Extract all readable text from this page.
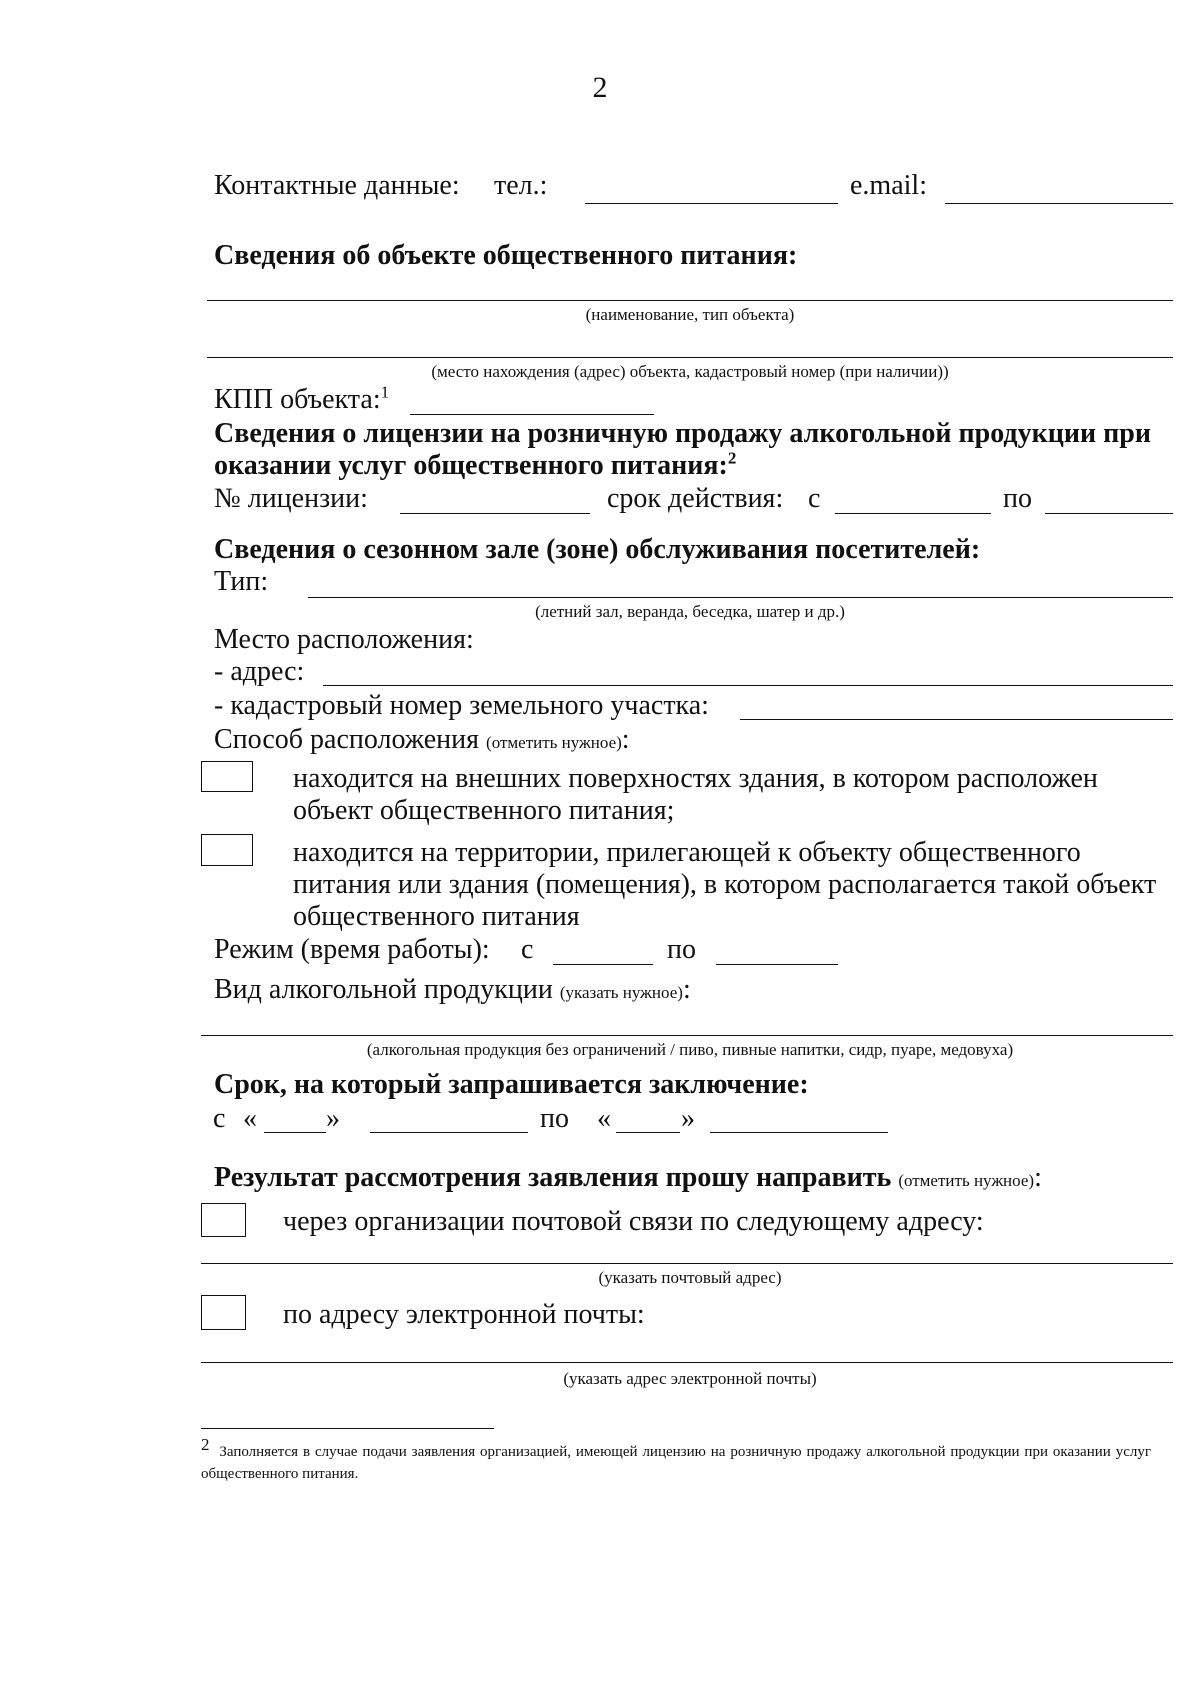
2
Контактные данные: тел.:	e.mail:
Сведения об объекте общественного питания:
(наименование, тип объекта)
(место нахождения (адрес) объекта, кадастровый номер (при наличии))
КПП объекта:$^1$
Сведения о лицензии на розничную продажу алкогольной продукции при
оказании услуг общественного питания:$^2$
№ лицензии:	срок действия: с	по
Сведения о сезонном зале (зоне) обслуживания посетителей:
Тип:
(летний зал, веранда, беседка, шатер и др.)
Место расположения:
- адрес:
- кадастровый номер земельного участка:
Способ расположения (отметить нужное):
находится на внешних поверхностях здания, в котором расположен
объект общественного питания;
находится на территории, прилегающей к объекту общественного
питания или здания (помещения), в котором располагается такой объект
общественного питания
Режим (время работы): с	по
Вид алкогольной продукции (указать нужное):
(алкогольная продукция без ограничений / пиво, пивные напитки, сидр, пуаре, медовуха)
Срок, на который запрашивается заключение:
с « »	по «	»
Результат рассмотрения заявления прошу направить (отметить нужное):
через организации почтовой связи по следующему адресу:
(указать почтовый адрес)
по адресу электронной почты:
(указать адрес электронной почты)
$^2$ Заполняется в случае подачи заявления организацией, имеющей лицензию на розничную продажу алкогольной продукции при оказании услуг общественного питания.
